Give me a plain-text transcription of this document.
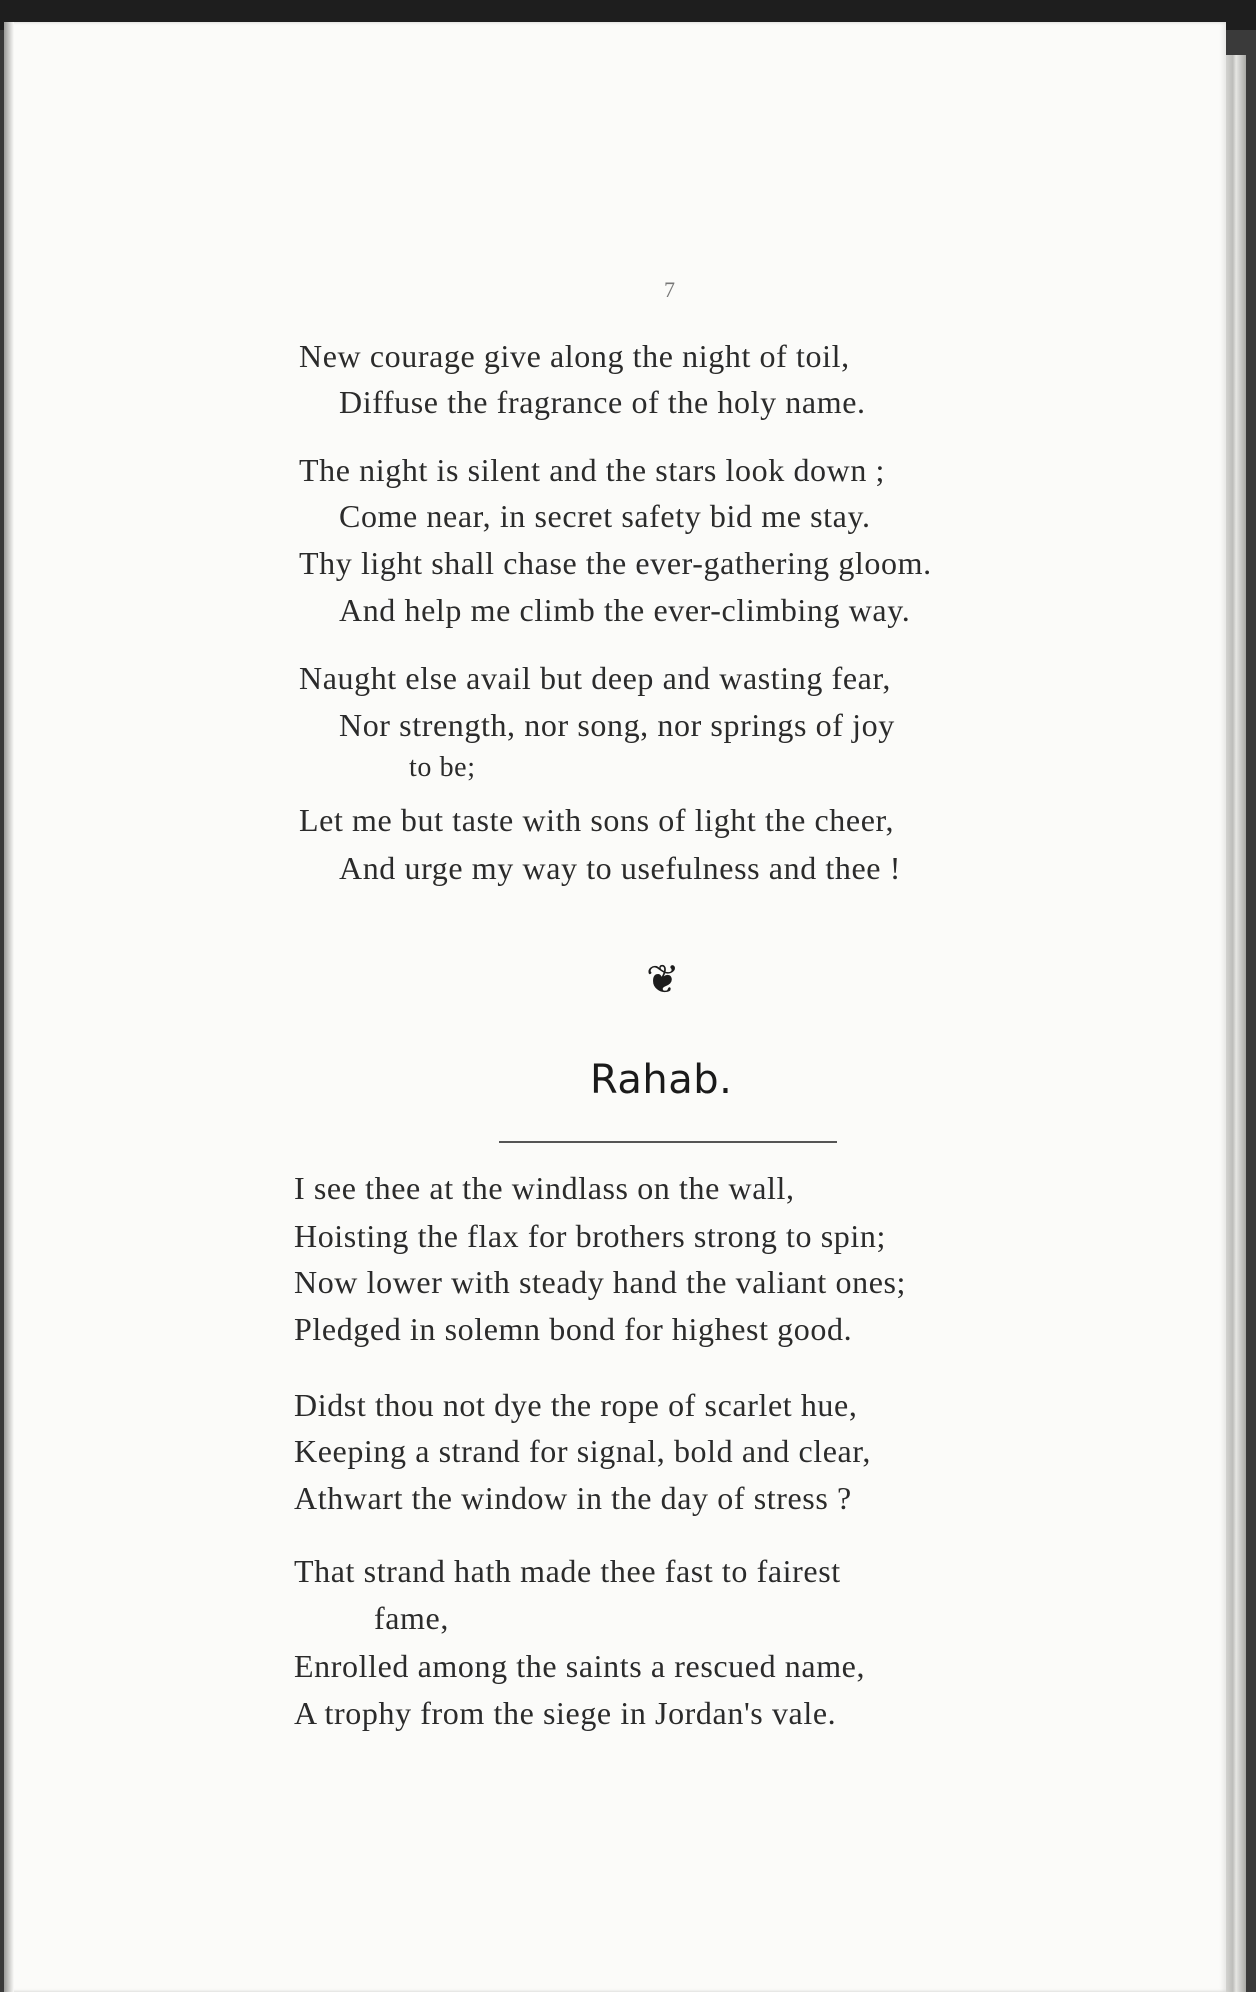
7
New courage give along the night of toil,
Diffuse the fragrance of the holy name.
The night is silent and the stars look down ;
Come near, in secret safety bid me stay.
Thy light shall chase the ever-gathering gloom.
And help me climb the ever-climbing way.
Naught else avail but deep and wasting fear,
Nor strength, nor song, nor springs of joy
to be;
Let me but taste with sons of light the cheer,
And urge my way to usefulness and thee !
❦
Rahab.
I see thee at the windlass on the wall,
Hoisting the flax for brothers strong to spin;
Now lower with steady hand the valiant ones;
Pledged in solemn bond for highest good.
Didst thou not dye the rope of scarlet hue,
Keeping a strand for signal, bold and clear,
Athwart the window in the day of stress ?
That strand hath made thee fast to fairest
fame,
Enrolled among the saints a rescued name,
A trophy from the siege in Jordan's vale.
